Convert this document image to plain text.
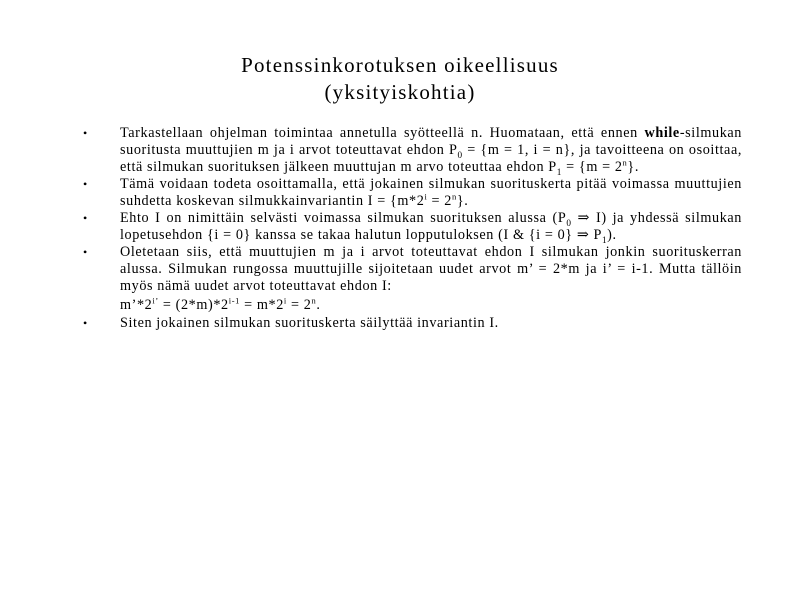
Potenssinkorotuksen oikeellisuus
(yksityiskohtia)
• Tarkastellaan ohjelman toimintaa annetulla syötteellä n. Huomataan, että ennen while-silmukan suoritusta muuttujien m ja i arvot toteuttavat ehdon $P_0 = \{m = 1$, i = n}, ja tavoitteena on osoittaa, että silmukan suorituksen jälkeen muuttujan m arvo toteuttaa ehdon $P_1 = \{m = 2^n\}$.
• Tämä voidaan todeta osoittamalla, että jokainen silmukan suorituskerta pitää voimassa muuttujien suhdetta koskevan silmukkainvariantin $I = \{m*2^i = 2^n\}$.
• Ehto I on nimittäin selvästi voimassa silmukan suorituksen alussa ($P_0$ ⇒ I) ja yhdessä silmukan lopetusehdon {i = 0} kanssa se takaa halutun lopputuloksen (I & {i = 0} ⇒ $P_1$).
• Oletetaan siis, että muuttujien m ja i arvot toteuttavat ehdon I silmukan jonkin suorituskerran alussa. Silmukan rungossa muuttujille sijoitetaan uudet arvot m’ = 2*m ja i’ = i-1. Mutta tällöin myös nämä uudet arvot toteuttavat ehdon I:
$m’*2^{i’} = (2*m)*2^{i-1} = m*2^i = 2^n$.
• Siten jokainen silmukan suorituskerta säilyttää invariantin I.
